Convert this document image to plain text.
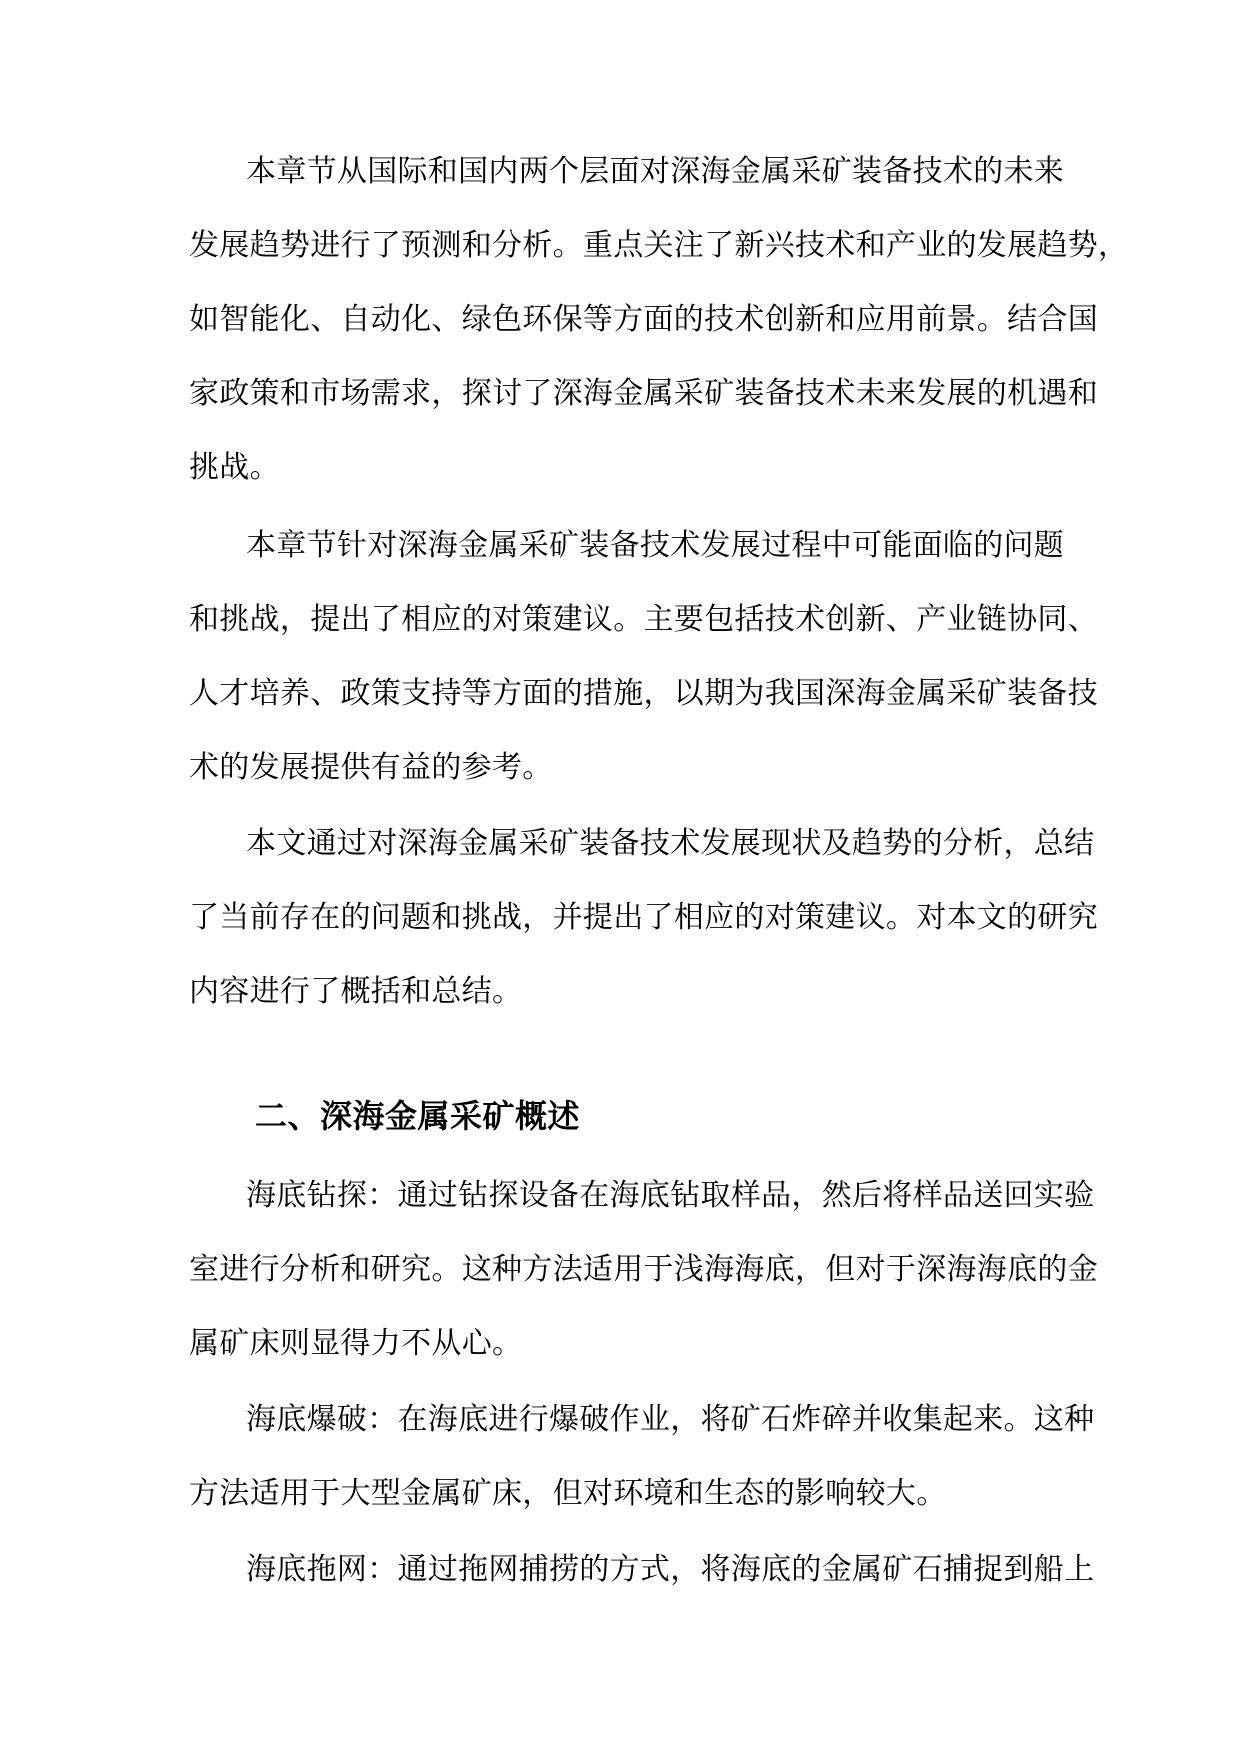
本章节从国际和国内两个层面对深海金属采矿装备技术的未来
发展趋势进行了预测和分析。重点关注了新兴技术和产业的发展趋势，
如智能化、自动化、绿色环保等方面的技术创新和应用前景。结合国
家政策和市场需求，探讨了深海金属采矿装备技术未来发展的机遇和
挑战。
本章节针对深海金属采矿装备技术发展过程中可能面临的问题
和挑战，提出了相应的对策建议。主要包括技术创新、产业链协同、
人才培养、政策支持等方面的措施，以期为我国深海金属采矿装备技
术的发展提供有益的参考。
本文通过对深海金属采矿装备技术发展现状及趋势的分析，总结
了当前存在的问题和挑战，并提出了相应的对策建议。对本文的研究
内容进行了概括和总结。
二、深海金属采矿概述
海底钻探：通过钻探设备在海底钻取样品，然后将样品送回实验
室进行分析和研究。这种方法适用于浅海海底，但对于深海海底的金
属矿床则显得力不从心。
海底爆破：在海底进行爆破作业，将矿石炸碎并收集起来。这种
方法适用于大型金属矿床，但对环境和生态的影响较大。
海底拖网：通过拖网捕捞的方式，将海底的金属矿石捕捉到船上
